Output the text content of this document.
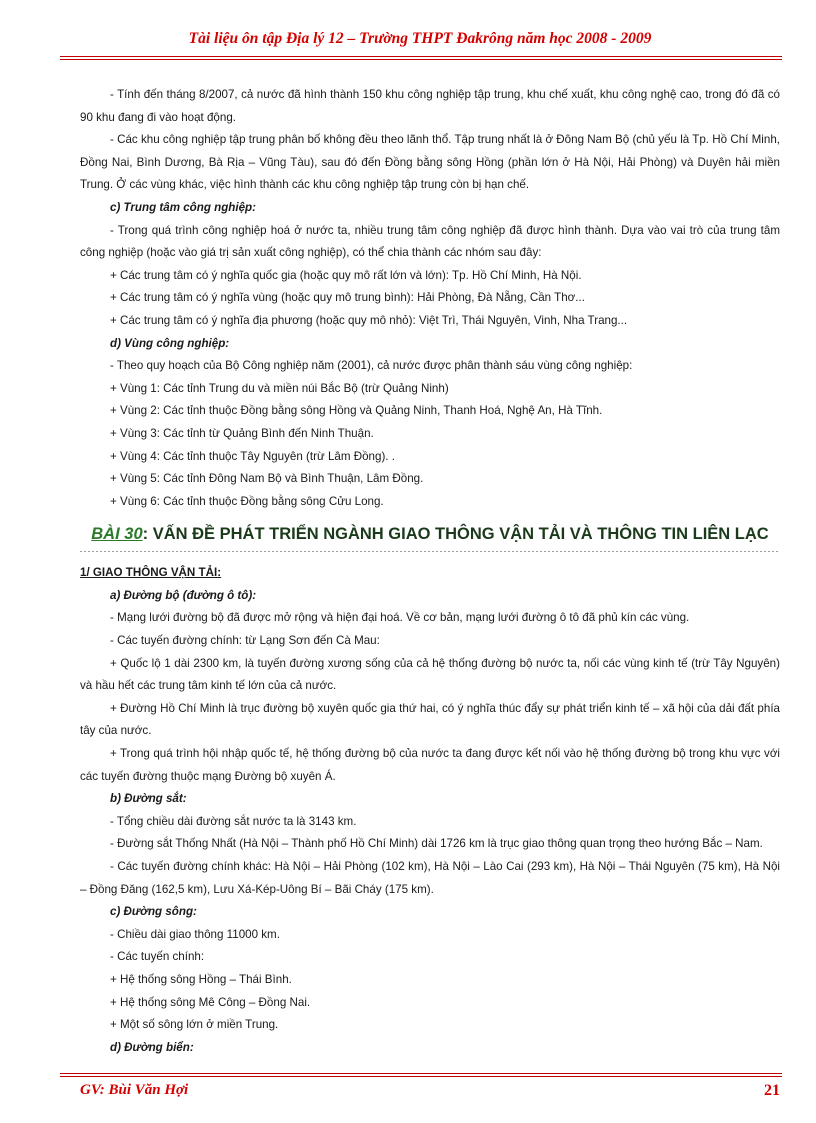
Tài liệu ôn tập Địa lý 12 – Trường THPT Đakrông năm học 2008 - 2009

- Tính đến tháng 8/2007, cả nước đã hình thành 150 khu công nghiệp tập trung, khu chế xuất, khu công nghệ cao, trong đó đã có 90 khu đang đi vào hoạt động.

- Các khu công nghiệp tập trung phân bố không đều theo lãnh thổ. Tập trung nhất là ở Đông Nam Bộ (chủ yếu là Tp. Hồ Chí Minh, Đồng Nai, Bình Dương, Bà Rịa – Vũng Tàu), sau đó đến Đồng bằng sông Hồng (phần lớn ở Hà Nội, Hải Phòng) và Duyên hải miền Trung. Ở các vùng khác, việc hình thành các khu công nghiệp tập trung còn bị hạn chế.

c) Trung tâm công nghiệp:

- Trong quá trình công nghiệp hoá ở nước ta, nhiều trung tâm công nghiệp đã được hình thành. Dựa vào vai trò của trung tâm công nghiệp (hoặc vào giá trị sản xuất công nghiệp), có thể chia thành các nhóm sau đây:

+ Các trung tâm có ý nghĩa quốc gia (hoặc quy mô rất lớn và lớn): Tp. Hồ Chí Minh, Hà Nội.

+ Các trung tâm có ý nghĩa vùng (hoặc quy mô trung bình): Hải Phòng, Đà Nẵng, Cần Thơ...

+ Các trung tâm có ý nghĩa địa phương (hoặc quy mô nhỏ): Việt Trì, Thái Nguyên, Vinh, Nha Trang...

d) Vùng công nghiệp:

- Theo quy hoạch của Bộ Công nghiệp năm (2001), cả nước được phân thành sáu vùng công nghiệp:

+ Vùng 1: Các tỉnh Trung du và miền núi Bắc Bộ (trừ Quảng Ninh)

+ Vùng 2: Các tỉnh thuộc Đồng bằng sông Hồng và Quảng Ninh, Thanh Hoá, Nghệ An, Hà Tĩnh.

+ Vùng 3: Các tỉnh từ Quảng Bình đến Ninh Thuận.

+ Vùng 4: Các tỉnh thuộc Tây Nguyên (trừ Lâm Đồng). .

+ Vùng 5: Các tỉnh Đông Nam Bộ và Bình Thuận, Lâm Đồng.

+ Vùng 6: Các tỉnh thuộc Đồng bằng sông Cửu Long.

BÀI 30: VẤN ĐỀ PHÁT TRIỂN NGÀNH GIAO THÔNG VẬN TẢI VÀ THÔNG TIN LIÊN LẠC

1/ GIAO THÔNG VẬN TẢI:

a) Đường bộ (đường ô tô):

- Mạng lưới đường bộ đã được mở rộng và hiện đại hoá. Về cơ bản, mạng lưới đường ô tô đã phủ kín các vùng.

- Các tuyến đường chính: từ Lạng Sơn đến Cà Mau:

+ Quốc lộ 1 dài 2300 km, là tuyến đường xương sống của cả hệ thống đường bộ nước ta, nối các vùng kinh tế (trừ Tây Nguyên) và hầu hết các trung tâm kinh tế lớn của cả nước.

+ Đường Hồ Chí Minh là trục đường bộ xuyên quốc gia thứ hai, có ý nghĩa thúc đẩy sự phát triển kinh tế – xã hội của dải đất phía tây của nước.

+ Trong quá trình hội nhập quốc tế, hệ thống đường bộ của nước ta đang được kết nối vào hệ thống đường bộ trong khu vực với các tuyến đường thuộc mạng Đường bộ xuyên Á.

b) Đường sắt:

- Tổng chiều dài đường sắt nước ta là 3143 km.

- Đường sắt Thống Nhất (Hà Nội – Thành phố Hồ Chí Minh) dài 1726 km là trục giao thông quan trọng theo hướng Bắc – Nam.

- Các tuyến đường chính khác: Hà Nội – Hải Phòng (102 km), Hà Nội – Lào Cai (293 km), Hà Nội – Thái Nguyên (75 km), Hà Nội – Đồng Đăng (162,5 km), Lưu Xá-Kép-Uông Bí – Bãi Cháy (175 km).

c) Đường sông:

- Chiều dài giao thông 11000 km.

- Các tuyến chính:

+ Hệ thống sông Hồng – Thái Bình.

+ Hệ thống sông Mê Công – Đồng Nai.

+ Một số sông lớn ở miền Trung.

d) Đường biển:

GV: Bùi Văn Hợi	21
